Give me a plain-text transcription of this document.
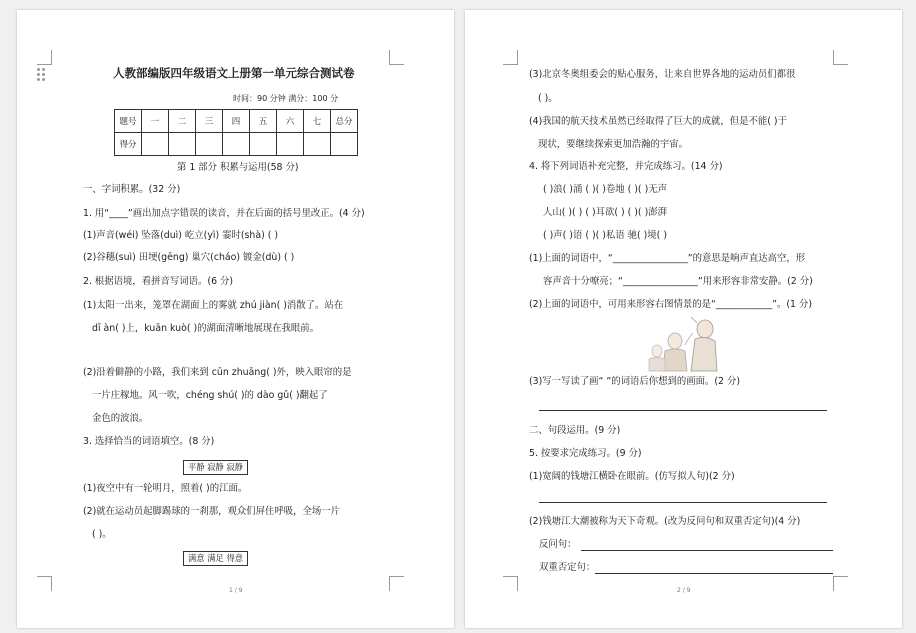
人教部编版四年级语文上册第一单元综合测试卷
时间：90 分钟 满分：100 分
题号	一	二	三	四	五	六	七	总分
得分								
第 1 部分 积累与运用(58 分)
一、字词积累。(32 分)
1. 用“____”画出加点字错误的读音，并在后面的括号里改正。(4 分)
(1)声音(wéi) 坠落(duì) 屹立(yì) 霎时(shà) ( )
(2)谷穗(suì) 田埂(gēng) 巢穴(cháo) 镀金(dù) ( )
2. 根据语境，看拼音写词语。(6 分)
(1)太阳一出来，笼罩在湖面上的雾就 zhú jiàn( )消散了。站在
dī àn( )上，kuān kuò( )的湖面清晰地展现在我眼前。
(2)沿着僻静的小路，我们来到 cūn zhuāng( )外，映入眼帘的是
一片庄稼地。风一吹，chéng shú( )的 dào gǔ( )翻起了
金色的波浪。
3. 选择恰当的词语填空。(8 分)
平静 寂静 寂静
(1)夜空中有一轮明月，照着( )的江面。
(2)就在运动员起脚踢球的一刹那，观众们屏住呼吸，全场一片
( )。
满意 满足 得意
1 / 9
(3)北京冬奥组委会的贴心服务，让来自世界各地的运动员们都很
( )。
(4)我国的航天技术虽然已经取得了巨大的成就，但是不能( )于
现状，要继续探索更加浩瀚的宇宙。
4. 将下列词语补充完整，并完成练习。(14 分)
( )浪( )涌 ( )( )卷地 ( )( )无声
人山( )( ) ( )耳欲( ) ( )( )澎湃
( )声( )语 ( )( )私语 驰( )境( )
(1)上面的词语中，“________________”的意思是响声直达高空，形
容声音十分嘹亮；“________________”用来形容非常安静。(2 分)
(2)上面的词语中，可用来形容右图情景的是“____________”。(1 分)
(3)写一写读了画“ ”的词语后你想到的画面。(2 分)
二、句段运用。(9 分)
5. 按要求完成练习。(9 分)
(1)宽阔的钱塘江横卧在眼前。(仿写拟人句)(2 分)
(2)钱塘江大潮被称为天下奇观。(改为反问句和双重否定句)(4 分)
反问句：
双重否定句：
2 / 9
